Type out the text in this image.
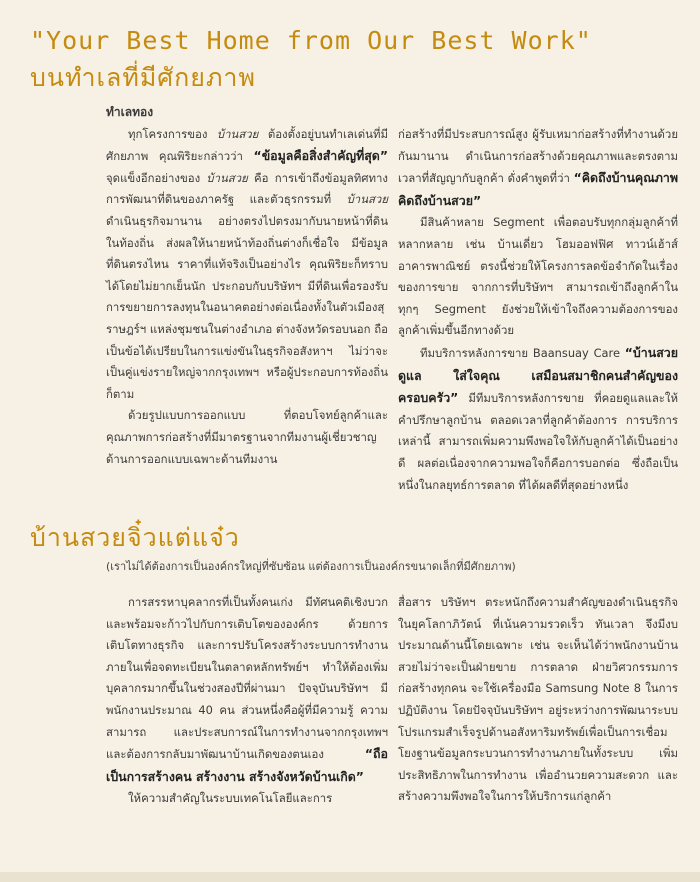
"Your Best Home from Our Best Work"
บนทำเลที่มีศักยภาพ

ทำเลทอง

ทุกโครงการของ บ้านสวย ต้องตั้งอยู่บนทำเลเด่นที่มีศักยภาพ คุณพิริยะกล่าวว่า “ข้อมูลคือสิ่งสำคัญที่สุด” จุดแข็งอีกอย่างของ บ้านสวย คือ การเข้าถึงข้อมูลทิศทางการพัฒนาที่ดินของภาครัฐ และตัวธุรกรรมที่ บ้านสวย ดำเนินธุรกิจมานาน อย่างตรงไปตรงมากับนายหน้าที่ดินในท้องถิ่น ส่งผลให้นายหน้าท้องถิ่นต่างก็เชื่อใจ มีข้อมูลที่ดินตรงไหน ราคาที่แท้จริงเป็นอย่างไร คุณพิริยะก็ทราบได้โดยไม่ยากเย็นนัก ประกอบกับบริษัทฯ มีที่ดินเพื่อรองรับการขยายการลงทุนในอนาคตอย่างต่อเนื่องทั้งในตัวเมืองสุราษฎร์ฯ แหล่งชุมชนในต่างอำเภอ ต่างจังหวัดรอบนอก ถือเป็นข้อได้เปรียบในการแข่งขันในธุรกิจอสังหาฯ ไม่ว่าจะเป็นคู่แข่งรายใหญ่จากกรุงเทพฯ หรือผู้ประกอบการท้องถิ่นก็ตาม

ด้วยรูปแบบการออกแบบ ที่ตอบโจทย์ลูกค้าและคุณภาพการก่อสร้างที่มีมาตรฐานจากทีมงานผู้เชี่ยวชาญด้านการออกแบบเฉพาะด้านทีมงาน

ก่อสร้างที่มีประสบการณ์สูง ผู้รับเหมาก่อสร้างที่ทำงานด้วยกันมานาน ดำเนินการก่อสร้างด้วยคุณภาพและตรงตามเวลาที่สัญญากับลูกค้า ดั่งคำพูดที่ว่า “คิดถึงบ้านคุณภาพ คิดถึงบ้านสวย”

มีสินค้าหลาย Segment เพื่อตอบรับทุกกลุ่มลูกค้าที่หลากหลาย เช่น บ้านเดี่ยว โฮมออฟฟิศ ทาวน์เฮ้าส์ อาคารพาณิชย์ ตรงนี้ช่วยให้โครงการลดข้อจำกัดในเรื่องของการขาย จากการที่บริษัทฯ สามารถเข้าถึงลูกค้าในทุกๆ Segment ยังช่วยให้เข้าใจถึงความต้องการของลูกค้าเพิ่มขึ้นอีกทางด้วย

ทีมบริการหลังการขาย Baansuay Care “บ้านสวยดูแล ใส่ใจคุณ เสมือนสมาชิกคนสำคัญของครอบครัว” มีทีมบริการหลังการขาย ที่คอยดูแลและให้คำปรึกษาลูกบ้าน ตลอดเวลาที่ลูกค้าต้องการ การบริการเหล่านี้ สามารถเพิ่มความพึงพอใจให้กับลูกค้าได้เป็นอย่างดี ผลต่อเนื่องจากความพอใจก็คือการบอกต่อ ซึ่งถือเป็นหนึ่งในกลยุทธ์การตลาด ที่ได้ผลดีที่สุดอย่างหนึ่ง

บ้านสวยจิ๋วแต่แจ๋ว
(เราไม่ได้ต้องการเป็นองค์กรใหญ่ที่ซับซ้อน แต่ต้องการเป็นองค์กรขนาดเล็กที่มีศักยภาพ)

การสรรหาบุคลากรที่เป็นทั้งคนเก่ง มีทัศนคติเชิงบวก และพร้อมจะก้าวไปกับการเติบโตขององค์กร ด้วยการเติบโตทางธุรกิจ และการปรับโครงสร้างระบบการทำงานภายในเพื่อจดทะเบียนในตลาดหลักทรัพย์ฯ ทำให้ต้องเพิ่มบุคลากรมากขึ้นในช่วงสองปีที่ผ่านมา ปัจจุบันบริษัทฯ มีพนักงานประมาณ 40 คน ส่วนหนึ่งคือผู้ที่มีความรู้ ความสามารถ และประสบการณ์ในการทำงานจากกรุงเทพฯ และต้องการกลับมาพัฒนาบ้านเกิดของตนเอง “ถือเป็นการสร้างคน สร้างงาน สร้างจังหวัดบ้านเกิด”

ให้ความสำคัญในระบบเทคโนโลยีและการ

สื่อสาร บริษัทฯ ตระหนักถึงความสำคัญของดำเนินธุรกิจในยุคโลกาภิวัตน์ ที่เน้นความรวดเร็ว ทันเวลา จึงมีงบประมาณด้านนี้โดยเฉพาะ เช่น จะเห็นได้ว่าพนักงานบ้านสวยไม่ว่าจะเป็นฝ่ายขาย การตลาด ฝ่ายวิศวกรรมการก่อสร้างทุกคน จะใช้เครื่องมือ Samsung Note 8 ในการปฏิบัติงาน โดยปัจจุบันบริษัทฯ อยู่ระหว่างการพัฒนาระบบโปรแกรมสำเร็จรูปด้านอสังหาริมทรัพย์เพื่อเป็นการเชื่อมโยงฐานข้อมูลกระบวนการทำงานภายในทั้งระบบ เพิ่มประสิทธิภาพในการทำงาน เพื่ออำนวยความสะดวก และสร้างความพึงพอใจในการให้บริการแก่ลูกค้า
